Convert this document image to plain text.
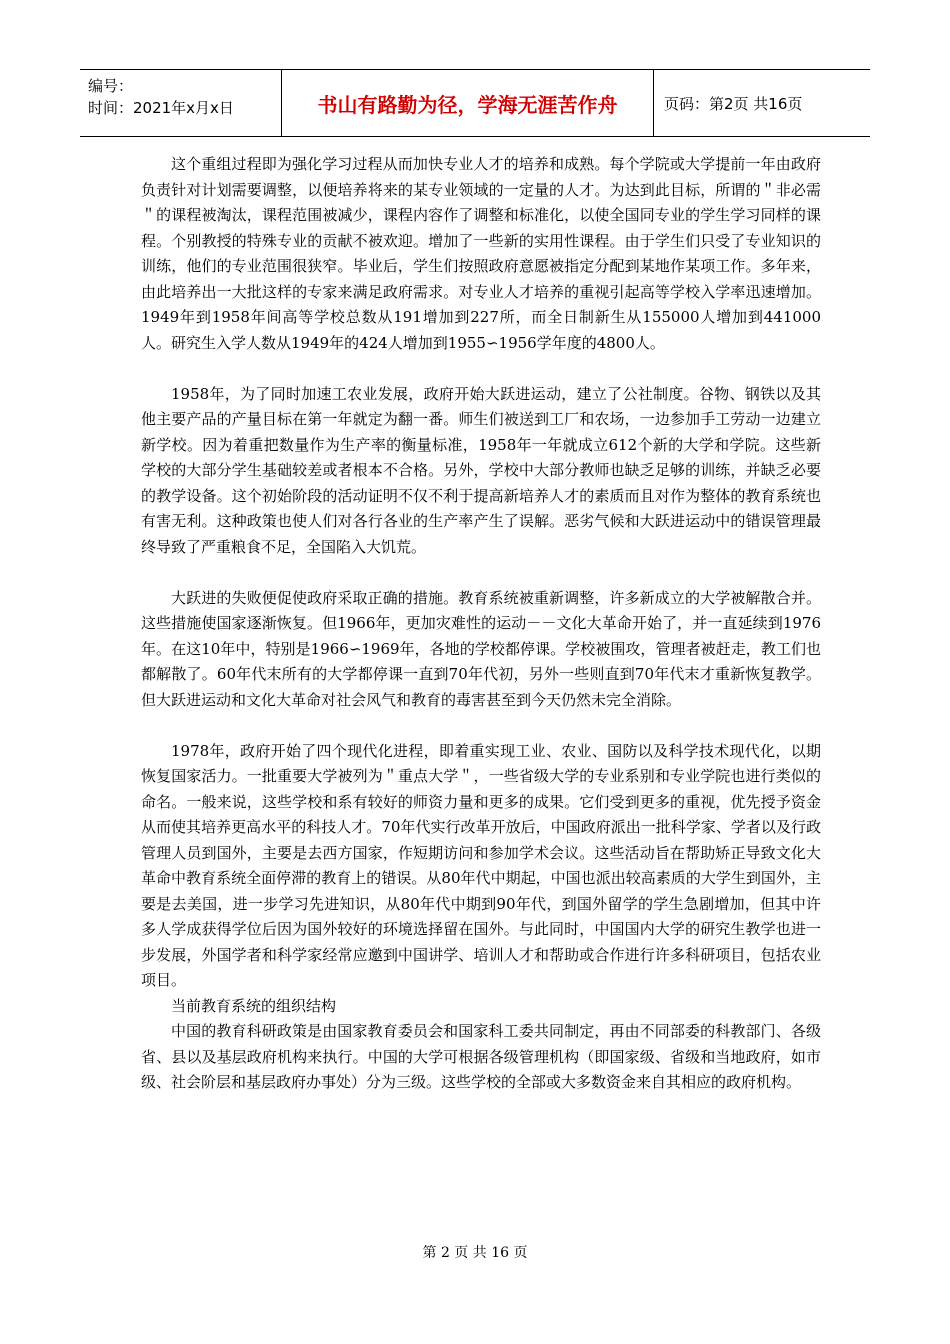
编号：
时间：2021年x月x日	书山有路勤为径，学海无涯苦作舟	页码：第2页 共16页

这个重组过程即为强化学习过程从而加快专业人才的培养和成熟。每个学院或大学提前一年由政府负责针对计划需要调整，以便培养将来的某专业领域的一定量的人才。为达到此目标，所谓的＂非必需＂的课程被淘汰，课程范围被减少，课程内容作了调整和标准化，以使全国同专业的学生学习同样的课程。个别教授的特殊专业的贡献不被欢迎。增加了一些新的实用性课程。由于学生们只受了专业知识的训练，他们的专业范围很狭窄。毕业后，学生们按照政府意愿被指定分配到某地作某项工作。多年来，由此培养出一大批这样的专家来满足政府需求。对专业人才培养的重视引起高等学校入学率迅速增加。1949年到1958年间高等学校总数从191增加到227所，而全日制新生从155000人增加到441000人。研究生入学人数从1949年的424人增加到1955∽1956学年度的4800人。

1958年，为了同时加速工农业发展，政府开始大跃进运动，建立了公社制度。谷物、钢铁以及其他主要产品的产量目标在第一年就定为翻一番。师生们被送到工厂和农场，一边参加手工劳动一边建立新学校。因为着重把数量作为生产率的衡量标准，1958年一年就成立612个新的大学和学院。这些新学校的大部分学生基础较差或者根本不合格。另外，学校中大部分教师也缺乏足够的训练，并缺乏必要的教学设备。这个初始阶段的活动证明不仅不利于提高新培养人才的素质而且对作为整体的教育系统也有害无利。这种政策也使人们对各行各业的生产率产生了误解。恶劣气候和大跃进运动中的错误管理最终导致了严重粮食不足，全国陷入大饥荒。

大跃进的失败便促使政府采取正确的措施。教育系统被重新调整，许多新成立的大学被解散合并。这些措施使国家逐渐恢复。但1966年，更加灾难性的运动－－文化大革命开始了，并一直延续到1976年。在这10年中，特别是1966∽1969年，各地的学校都停课。学校被围攻，管理者被赶走，教工们也都解散了。60年代末所有的大学都停课一直到70年代初，另外一些则直到70年代末才重新恢复教学。但大跃进运动和文化大革命对社会风气和教育的毒害甚至到今天仍然未完全消除。

1978年，政府开始了四个现代化进程，即着重实现工业、农业、国防以及科学技术现代化，以期恢复国家活力。一批重要大学被列为＂重点大学＂，一些省级大学的专业系别和专业学院也进行类似的命名。一般来说，这些学校和系有较好的师资力量和更多的成果。它们受到更多的重视，优先授予资金从而使其培养更高水平的科技人才。70年代实行改革开放后，中国政府派出一批科学家、学者以及行政管理人员到国外，主要是去西方国家，作短期访问和参加学术会议。这些活动旨在帮助矫正导致文化大革命中教育系统全面停滞的教育上的错误。从80年代中期起，中国也派出较高素质的大学生到国外，主要是去美国，进一步学习先进知识，从80年代中期到90年代，到国外留学的学生急剧增加，但其中许多人学成获得学位后因为国外较好的环境选择留在国外。与此同时，中国国内大学的研究生教学也进一步发展，外国学者和科学家经常应邀到中国讲学、培训人才和帮助或合作进行许多科研项目，包括农业项目。

当前教育系统的组织结构

中国的教育科研政策是由国家教育委员会和国家科工委共同制定，再由不同部委的科教部门、各级省、县以及基层政府机构来执行。中国的大学可根据各级管理机构（即国家级、省级和当地政府，如市级、社会阶层和基层政府办事处）分为三级。这些学校的全部或大多数资金来自其相应的政府机构。

第 2 页 共 16 页
